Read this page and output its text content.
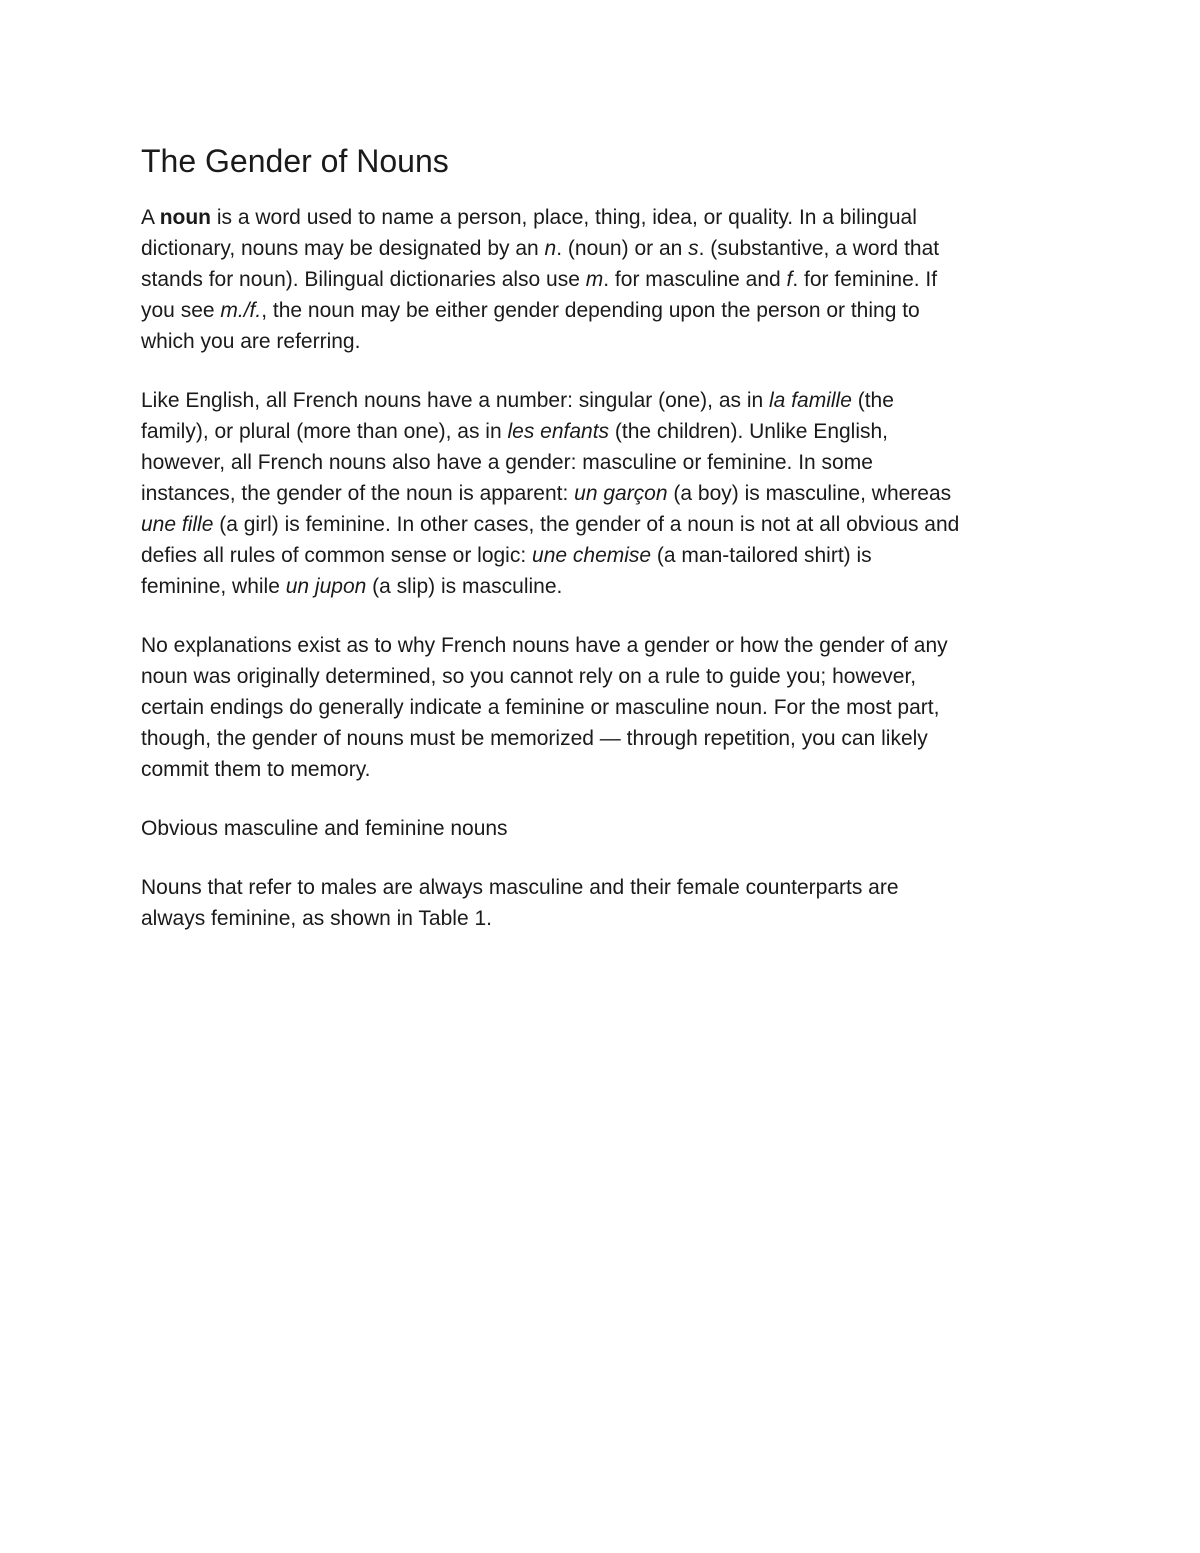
The Gender of Nouns

A noun is a word used to name a person, place, thing, idea, or quality. In a bilingual

dictionary, nouns may be designated by an n. (noun) or an s. (substantive, a word that

stands for noun). Bilingual dictionaries also use m. for masculine and f. for feminine. If

you see m./f., the noun may be either gender depending upon the person or thing to

which you are referring.

Like English, all French nouns have a number: singular (one), as in la famille (the

family), or plural (more than one), as in les enfants (the children). Unlike English,

however, all French nouns also have a gender: masculine or feminine. In some

instances, the gender of the noun is apparent: un garçon (a boy) is masculine, whereas

une fille (a girl) is feminine. In other cases, the gender of a noun is not at all obvious and

defies all rules of common sense or logic: une chemise (a man-tailored shirt) is

feminine, while un jupon (a slip) is masculine.

No explanations exist as to why French nouns have a gender or how the gender of any

noun was originally determined, so you cannot rely on a rule to guide you; however,

certain endings do generally indicate a feminine or masculine noun. For the most part,

though, the gender of nouns must be memorized — through repetition, you can likely

commit them to memory.

Obvious masculine and feminine nouns

Nouns that refer to males are always masculine and their female counterparts are

always feminine, as shown in Table 1.
